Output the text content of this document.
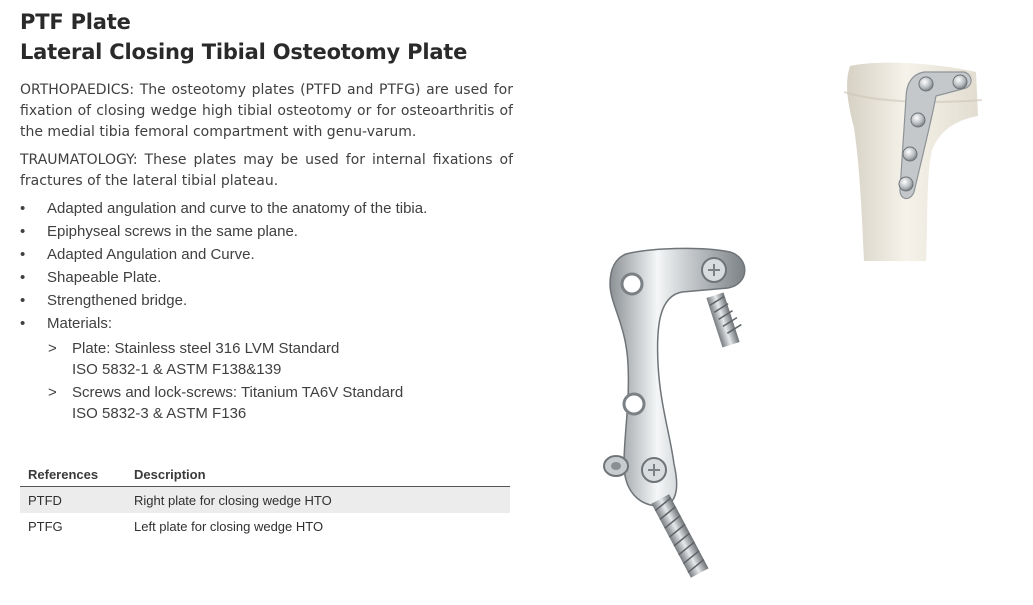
PTF Plate
Lateral Closing Tibial Osteotomy Plate

ORTHOPAEDICS: The osteotomy plates (PTFD and PTFG) are used for fixation of closing wedge high tibial osteotomy or for osteoarthritis of the medial tibia femoral compartment with genu-varum.

TRAUMATOLOGY: These plates may be used for internal fixations of fractures of the lateral tibial plateau.

• Adapted angulation and curve to the anatomy of the tibia.
• Epiphyseal screws in the same plane.
• Adapted Angulation and Curve.
• Shapeable Plate.
• Strengthened bridge.
• Materials:
> Plate: Stainless steel 316 LVM Standard
ISO 5832-1 & ASTM F138&139
> Screws and lock-screws: Titanium TA6V Standard
ISO 5832-3 & ASTM F136
References	Description
PTFD	Right plate for closing wedge HTO
PTFG	Left plate for closing wedge HTO
